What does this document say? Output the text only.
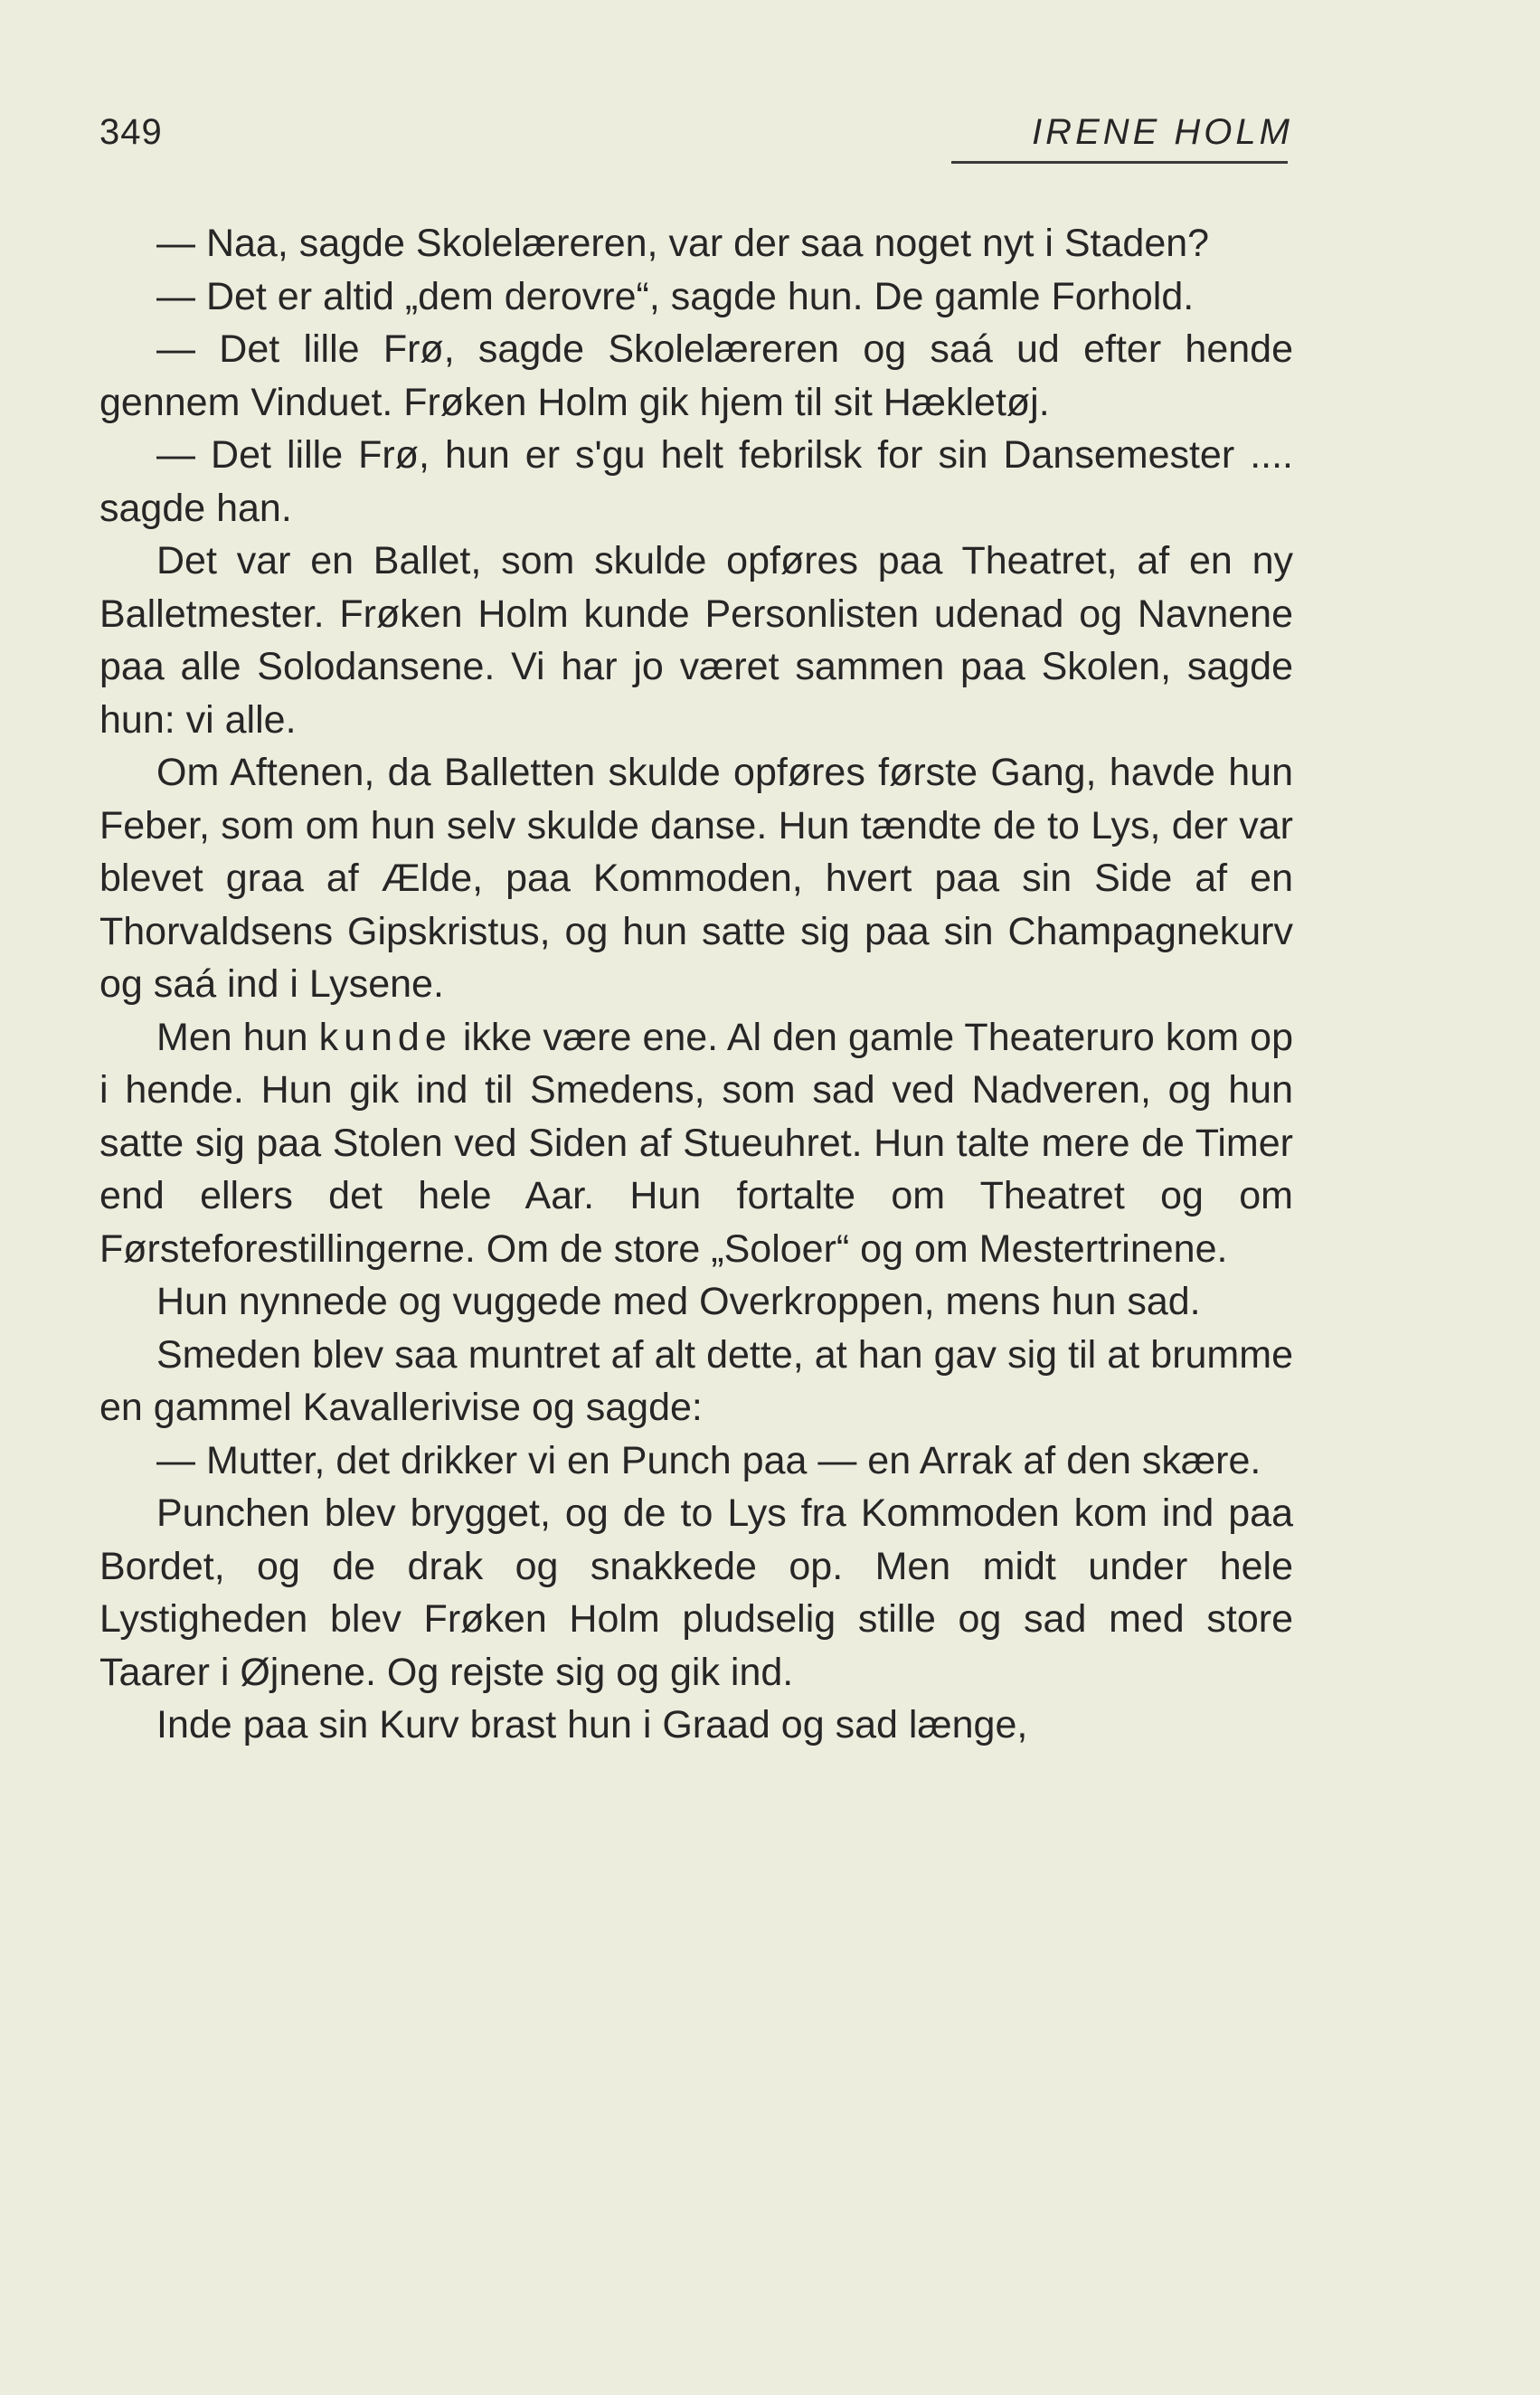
349	IRENE HOLM

— Naa, sagde Skolelæreren, var der saa noget nyt i Staden?

— Det er altid „dem derovre“, sagde hun. De gamle Forhold.

— Det lille Frø, sagde Skolelæreren og saá ud efter hende gennem Vinduet. Frøken Holm gik hjem til sit Hækletøj.

— Det lille Frø, hun er s'gu helt febrilsk for sin Dansemester .... sagde han.

Det var en Ballet, som skulde opføres paa Theatret, af en ny Balletmester. Frøken Holm kunde Personlisten udenad og Navnene paa alle Solodansene. Vi har jo været sammen paa Skolen, sagde hun: vi alle.

Om Aftenen, da Balletten skulde opføres første Gang, havde hun Feber, som om hun selv skulde danse. Hun tændte de to Lys, der var blevet graa af Ælde, paa Kommoden, hvert paa sin Side af en Thorvaldsens Gipskristus, og hun satte sig paa sin Champagnekurv og saá ind i Lysene.

Men hun kunde ikke være ene. Al den gamle Theateruro kom op i hende. Hun gik ind til Smedens, som sad ved Nadveren, og hun satte sig paa Stolen ved Siden af Stueuhret. Hun talte mere de Timer end ellers det hele Aar. Hun fortalte om Theatret og om Førsteforestillingerne. Om de store „Soloer“ og om Mestertrinene.

Hun nynnede og vuggede med Overkroppen, mens hun sad.

Smeden blev saa muntret af alt dette, at han gav sig til at brumme en gammel Kavallerivise og sagde:

— Mutter, det drikker vi en Punch paa — en Arrak af den skære.

Punchen blev brygget, og de to Lys fra Kommoden kom ind paa Bordet, og de drak og snakkede op. Men midt under hele Lystigheden blev Frøken Holm pludselig stille og sad med store Taarer i Øjnene. Og rejste sig og gik ind.

Inde paa sin Kurv brast hun i Graad og sad længe,
